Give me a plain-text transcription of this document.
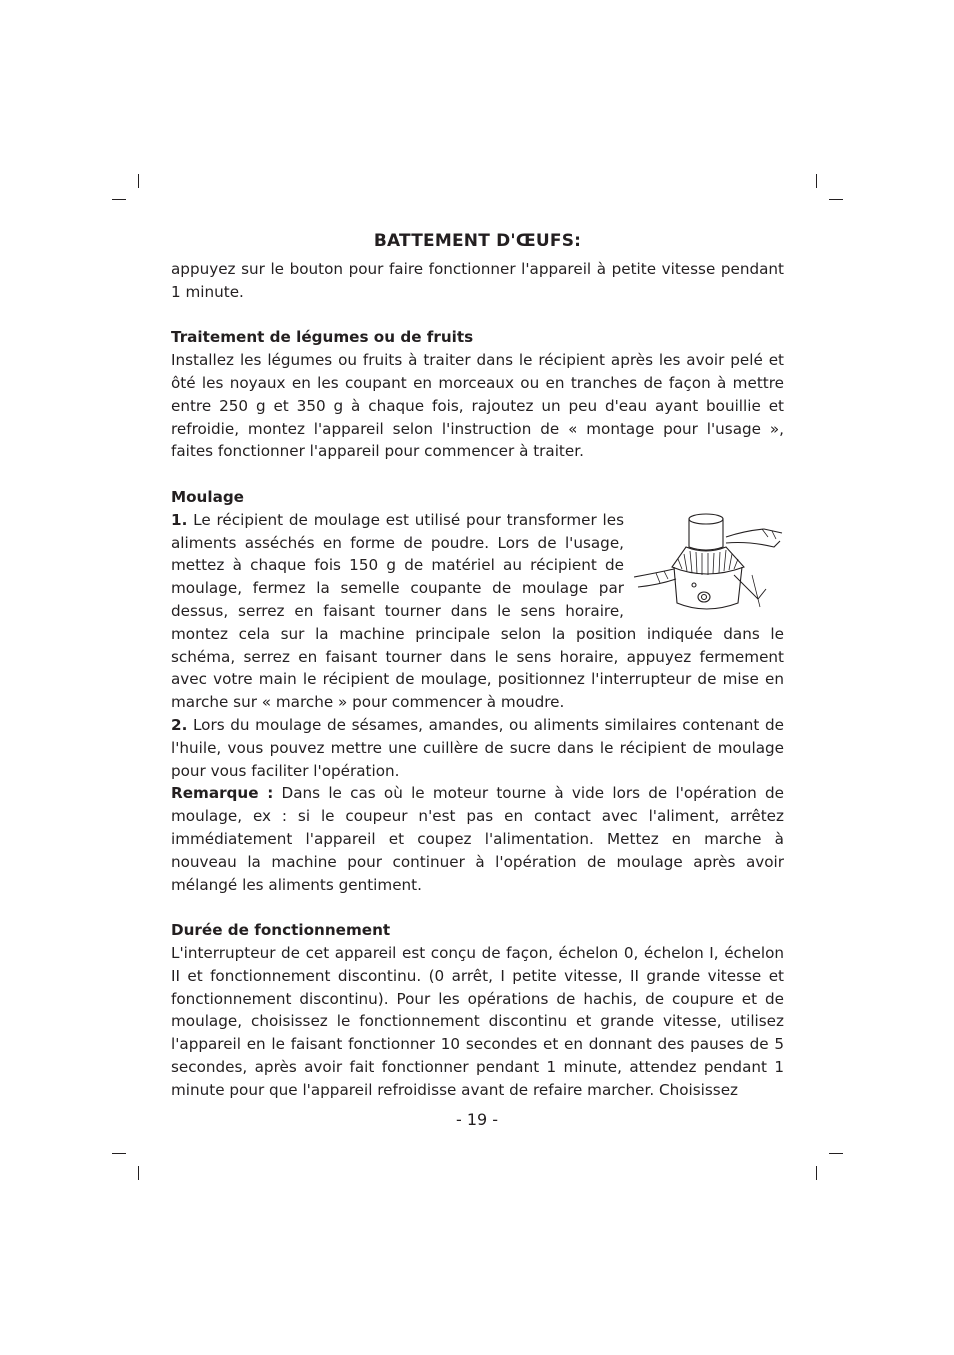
BATTEMENT D'ŒUFS:

appuyez sur le bouton pour faire fonctionner l'appareil à petite vitesse pendant 1 minute.

Traitement de légumes ou de fruits

Installez les légumes ou fruits à traiter dans le récipient après les avoir pelé et ôté les noyaux en les coupant en morceaux ou en tranches de façon à mettre entre 250 g et 350 g à chaque fois, rajoutez un peu d'eau ayant bouillie et refroidie, montez l'appareil selon l'instruction de « montage pour l'usage », faites fonctionner l'appareil pour commencer à traiter.

Moulage

1. Le récipient de moulage est utilisé pour transformer les aliments asséchés en forme de poudre. Lors de l'usage, mettez à chaque fois 150 g de matériel au récipient de moulage, fermez la semelle coupante de moulage par dessus, serrez en faisant tourner dans le sens horaire, montez cela sur la machine principale selon la position indiquée dans le schéma, serrez en faisant tourner dans le sens horaire, appuyez fermement avec votre main le récipient de moulage, positionnez l'interrupteur de mise en marche sur « marche » pour commencer à moudre.

2. Lors du moulage de sésames, amandes, ou aliments similaires contenant de l'huile, vous pouvez mettre une cuillère de sucre dans le récipient de moulage pour vous faciliter l'opération.

Remarque : Dans le cas où le moteur tourne à vide lors de l'opération de moulage, ex : si le coupeur n'est pas en contact avec l'aliment, arrêtez immédiatement l'appareil et coupez l'alimentation. Mettez en marche à nouveau la machine pour continuer à l'opération de moulage après avoir mélangé les aliments gentiment.

Durée de fonctionnement

L'interrupteur de cet appareil est conçu de façon, échelon 0, échelon I, échelon II et fonctionnement discontinu. (0 arrêt, I petite vitesse, II grande vitesse et fonctionnement discontinu). Pour les opérations de hachis, de coupure et de moulage, choisissez le fonctionnement discontinu et grande vitesse, utilisez l'appareil en le faisant fonctionner 10 secondes et en donnant des pauses de 5 secondes, après avoir fait fonctionner pendant 1 minute, attendez pendant 1 minute pour que l'appareil refroidisse avant de refaire marcher. Choisissez

- 19 -
